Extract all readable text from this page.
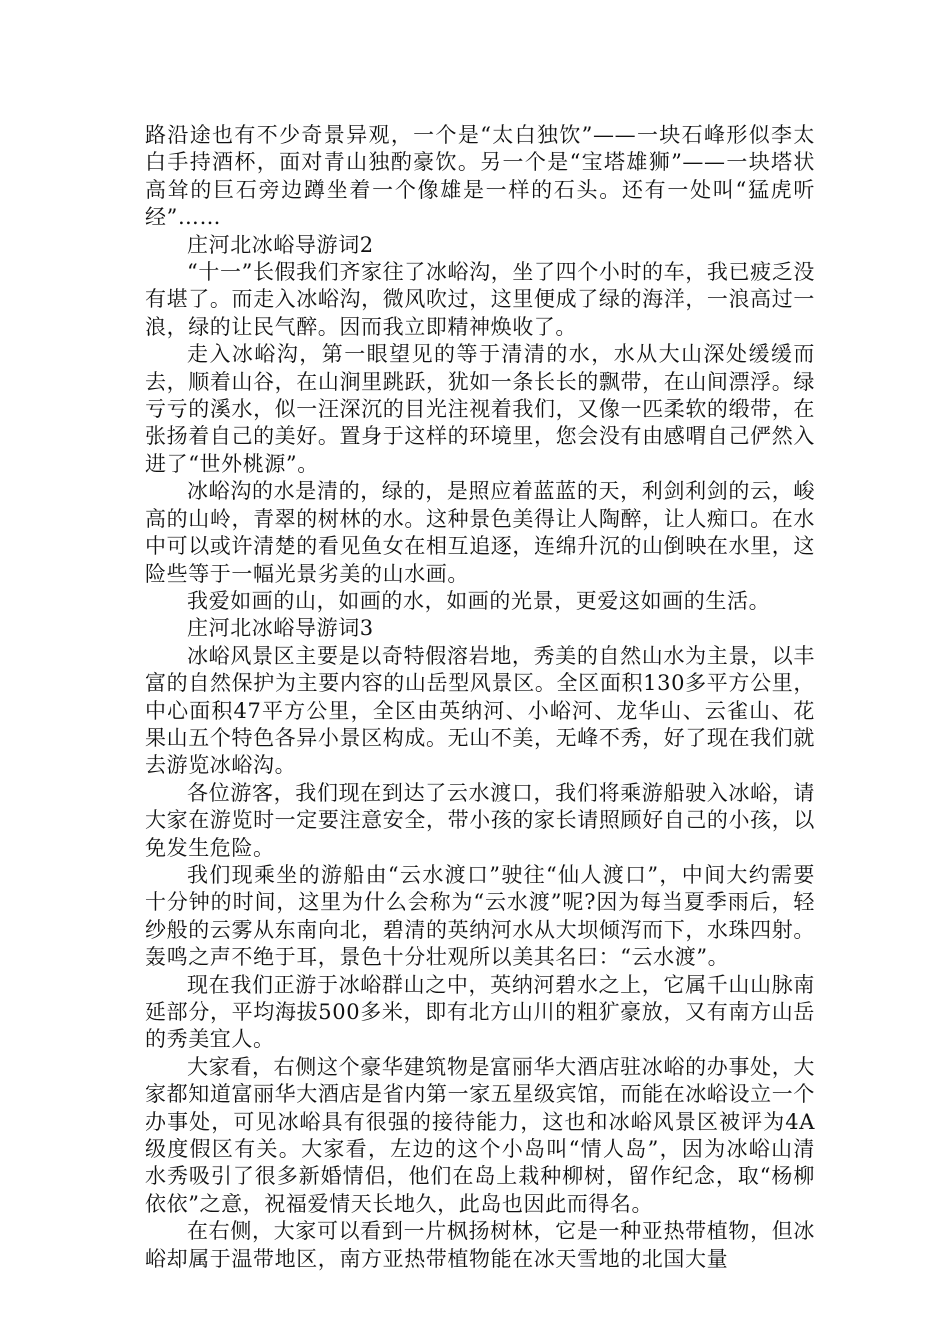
路沿途也有不少奇景异观，一个是“太白独饮”——一块石峰形似李太白手持酒杯，面对青山独酌豪饮。另一个是“宝塔雄狮”——一块塔状高耸的巨石旁边蹲坐着一个像雄是一样的石头。还有一处叫“猛虎听经”……

庄河北冰峪导游词2

“十一”长假我们齐家往了冰峪沟，坐了四个小时的车，我已疲乏没有堪了。而走入冰峪沟，微风吹过，这里便成了绿的海洋，一浪高过一浪，绿的让民气醉。因而我立即精神焕收了。

走入冰峪沟，第一眼望见的等于清清的水，水从大山深处缓缓而去，顺着山谷，在山涧里跳跃，犹如一条长长的飘带，在山间漂浮。绿亏亏的溪水，似一汪深沉的目光注视着我们，又像一匹柔软的缎带，在张扬着自己的美好。置身于这样的环境里，您会没有由感喟自己俨然入进了“世外桃源”。

冰峪沟的水是清的，绿的，是照应着蓝蓝的天，利剑利剑的云，峻高的山岭，青翠的树林的水。这种景色美得让人陶醉，让人痴口。在水中可以或许清楚的看见鱼女在相互追逐，连绵升沉的山倒映在水里，这险些等于一幅光景劣美的山水画。

我爱如画的山，如画的水，如画的光景，更爱这如画的生活。

庄河北冰峪导游词3

冰峪风景区主要是以奇特假溶岩地，秀美的自然山水为主景，以丰富的自然保护为主要内容的山岳型风景区。全区面积130多平方公里，中心面积47平方公里，全区由英纳河、小峪河、龙华山、云雀山、花果山五个特色各异小景区构成。无山不美，无峰不秀，好了现在我们就去游览冰峪沟。

各位游客，我们现在到达了云水渡口，我们将乘游船驶入冰峪，请大家在游览时一定要注意安全，带小孩的家长请照顾好自己的小孩，以免发生危险。

我们现乘坐的游船由“云水渡口”驶往“仙人渡口”，中间大约需要十分钟的时间，这里为什么会称为“云水渡”呢?因为每当夏季雨后，轻纱般的云雾从东南向北，碧清的英纳河水从大坝倾泻而下，水珠四射。轰鸣之声不绝于耳，景色十分壮观所以美其名曰：“云水渡”。

现在我们正游于冰峪群山之中，英纳河碧水之上，它属千山山脉南延部分，平均海拔500多米，即有北方山川的粗犷豪放，又有南方山岳的秀美宜人。

大家看，右侧这个豪华建筑物是富丽华大酒店驻冰峪的办事处，大家都知道富丽华大酒店是省内第一家五星级宾馆，而能在冰峪设立一个办事处，可见冰峪具有很强的接待能力，这也和冰峪风景区被评为4A级度假区有关。大家看，左边的这个小岛叫“情人岛”，因为冰峪山清水秀吸引了很多新婚情侣，他们在岛上栽种柳树，留作纪念，取“杨柳依依”之意，祝福爱情天长地久，此岛也因此而得名。

在右侧，大家可以看到一片枫扬树林，它是一种亚热带植物，但冰峪却属于温带地区，南方亚热带植物能在冰天雪地的北国大量
